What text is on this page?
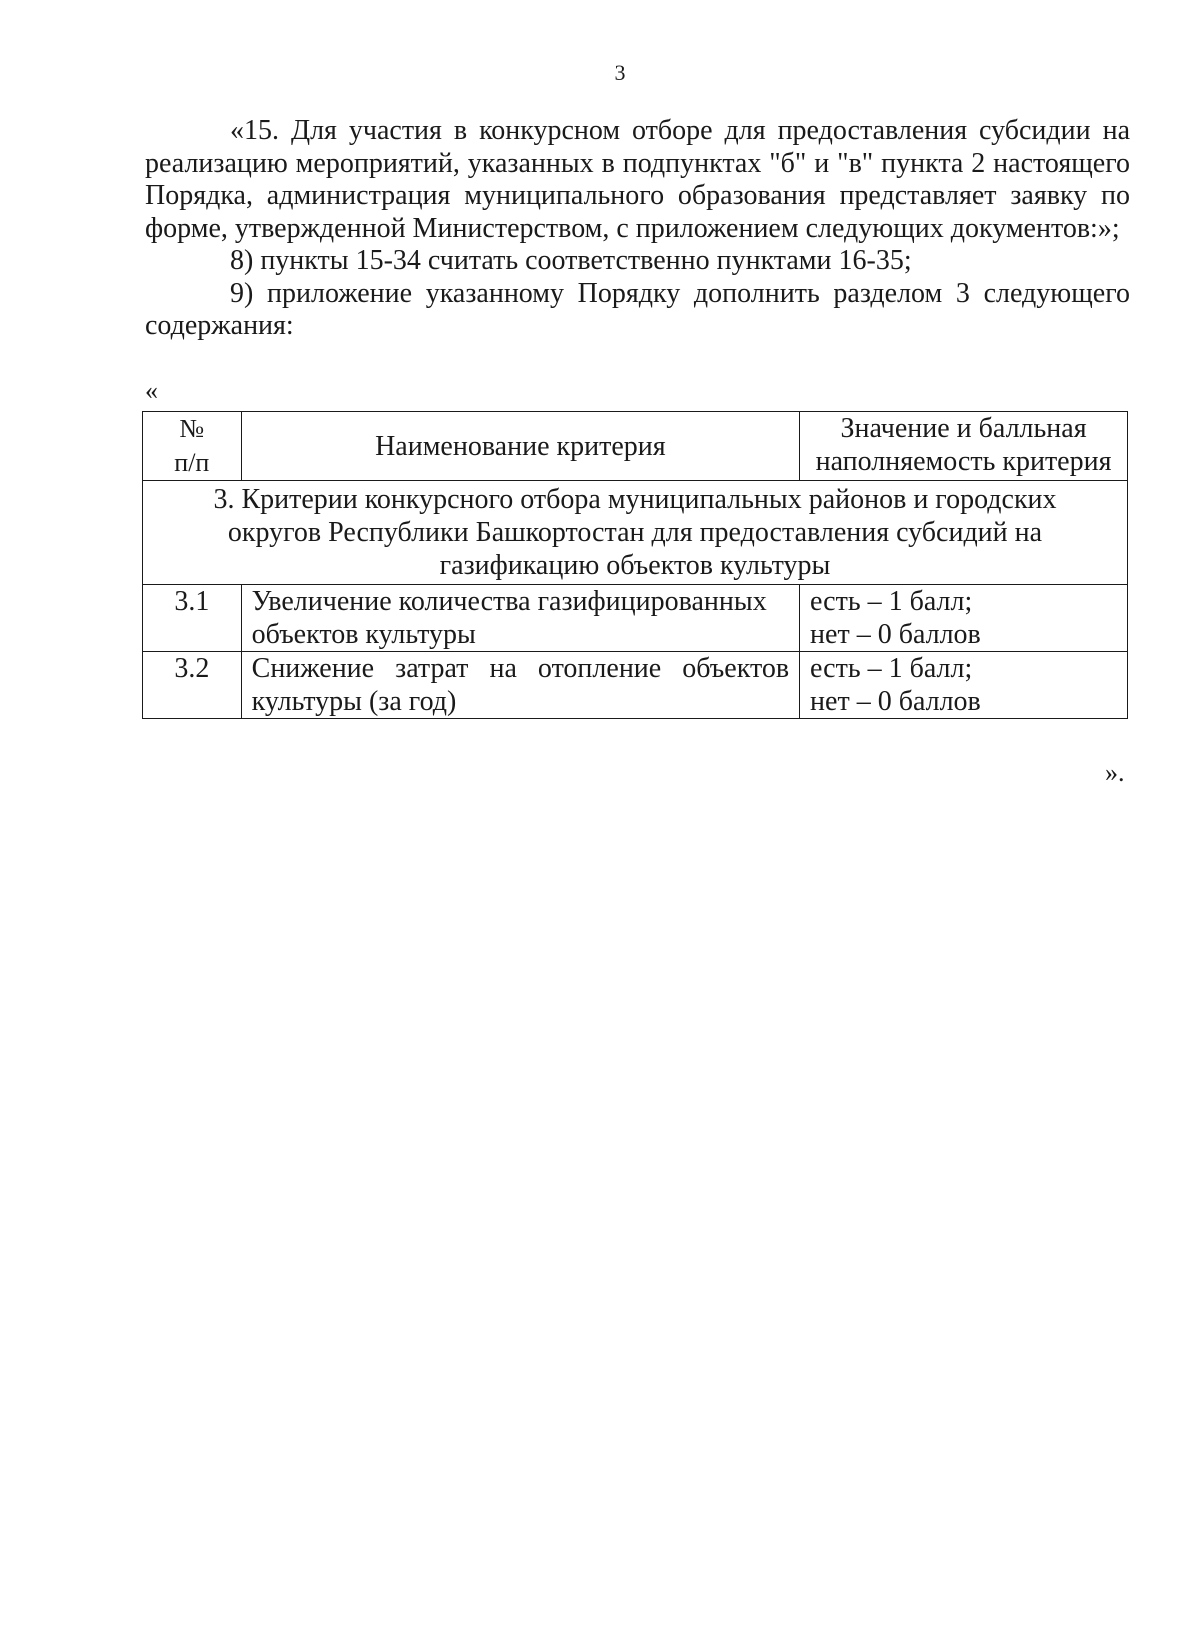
3

«15. Для участия в конкурсном отборе для предоставления субсидии на реализацию мероприятий, указанных в подпунктах "б" и "в" пункта 2 настоящего Порядка, администрация муниципального образования представляет заявку по форме, утвержденной Министерством, с приложением следующих документов:»;

8) пункты 15-34 считать соответственно пунктами 16-35;

9) приложение указанному Порядку дополнить разделом 3 следующего содержания:

«
№
п/п	Наименование критерия	Значение и балльная наполняемость критерия
3. Критерии конкурсного отбора муниципальных районов и городских округов Республики Башкортостан для предоставления субсидий на газификацию объектов культуры		
3.1	Увеличение количества газифицированных объектов культуры	есть – 1 балл;
нет – 0 баллов

3.2	Снижение затрат на отопление объектов культуры (за год)	есть – 1 балл;
нет – 0 баллов
».
